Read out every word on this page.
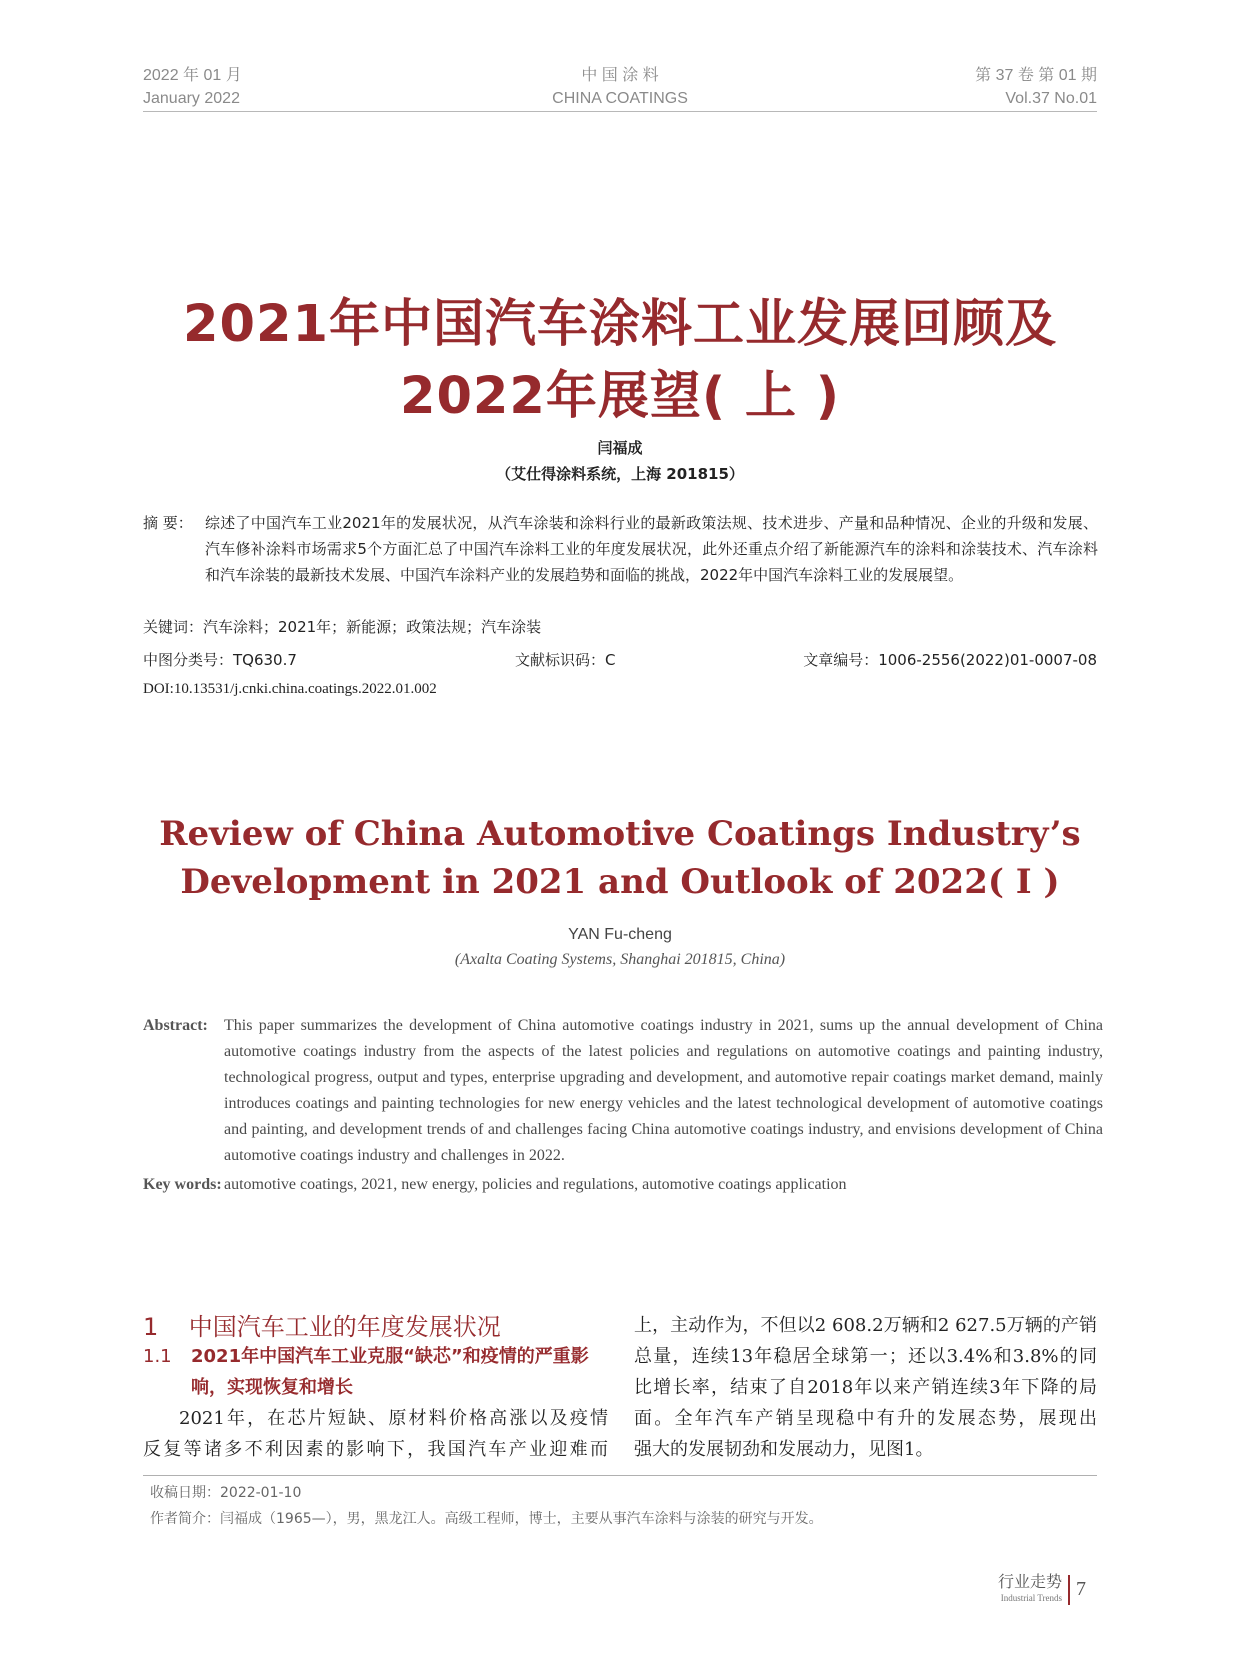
2022 年 01 月
January 2022
中 国 涂 料
CHINA COATINGS
第 37 卷 第 01 期
Vol.37 No.01
2021年中国汽车涂料工业发展回顾及
2022年展望( 上 )
闫福成
（艾仕得涂料系统，上海 201815）
摘 要： 综述了中国汽车工业2021年的发展状况，从汽车涂装和涂料行业的最新政策法规、技术进步、产量和品种情况、企业的升级和发展、汽车修补涂料市场需求5个方面汇总了中国汽车涂料工业的年度发展状况，此外还重点介绍了新能源汽车的涂料和涂装技术、汽车涂料和汽车涂装的最新技术发展、中国汽车涂料产业的发展趋势和面临的挑战，2022年中国汽车涂料工业的发展展望。
关键词：汽车涂料；2021年；新能源；政策法规；汽车涂装
中图分类号：TQ630.7	文献标识码：C	文章编号：1006-2556(2022)01-0007-08
DOI:10.13531/j.cnki.china.coatings.2022.01.002
Review of China Automotive Coatings Industry’s
Development in 2021 and Outlook of 2022( Ⅰ )
YAN Fu-cheng
(Axalta Coating Systems, Shanghai 201815, China)
Abstract: This paper summarizes the development of China automotive coatings industry in 2021, sums up the annual development of China automotive coatings industry from the aspects of the latest policies and regulations on automotive coatings and painting industry, technological progress, output and types, enterprise upgrading and development, and automotive repair coatings market demand, mainly introduces coatings and painting technologies for new energy vehicles and the latest technological development of automotive coatings and painting, and development trends of and challenges facing China automotive coatings industry, and envisions development of China automotive coatings industry and challenges in 2022.
Key words: automotive coatings, 2021, new energy, policies and regulations, automotive coatings application
1    中国汽车工业的年度发展状况
1.1 2021年中国汽车工业克服“缺芯”和疫情的严重影响，实现恢复和增长
2021年，在芯片短缺、原材料价格高涨以及疫情
反复等诸多不利因素的影响下，我国汽车产业迎难而
上，主动作为，不但以2 608.2万辆和2 627.5万辆的产销
总量，连续13年稳居全球第一；还以3.4%和3.8%的同
比增长率，结束了自2018年以来产销连续3年下降的局
面。全年汽车产销呈现稳中有升的发展态势，展现出
强大的发展韧劲和发展动力，见图1。
收稿日期：2022-01-10
作者简介：闫福成（1965—），男，黑龙江人。高级工程师，博士，主要从事汽车涂料与涂装的研究与开发。
行业走势
Industrial Trends 7
